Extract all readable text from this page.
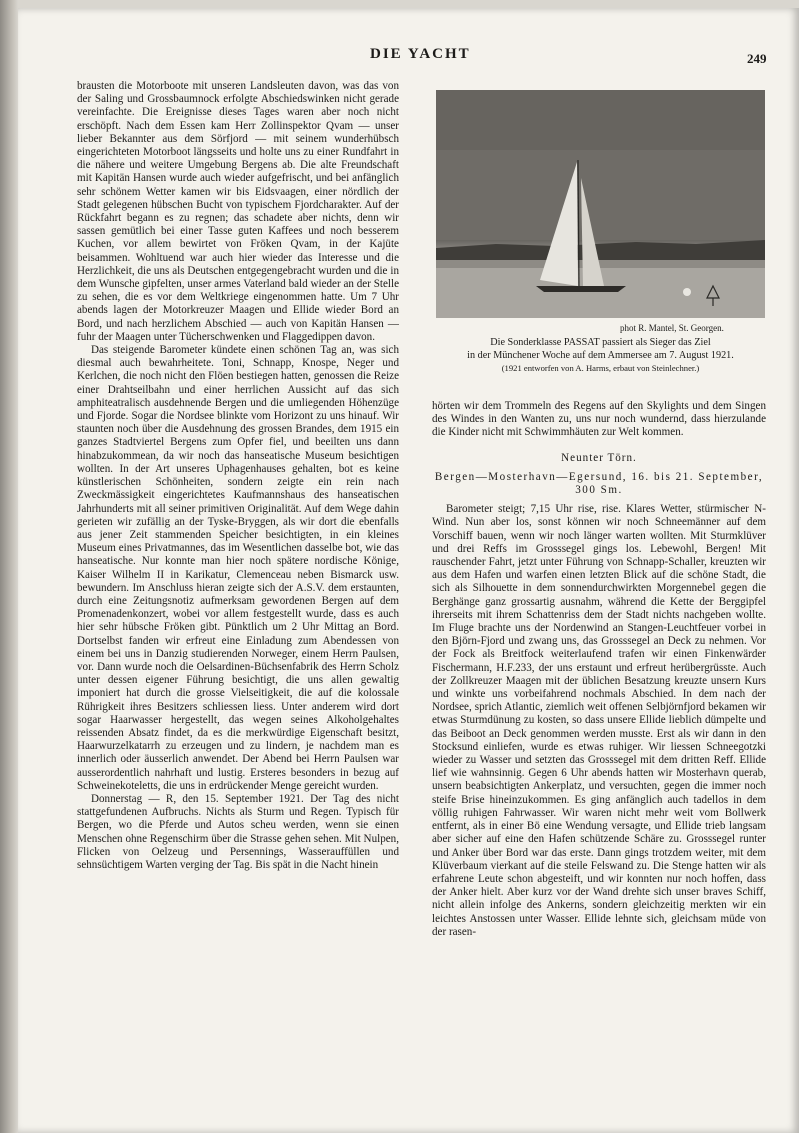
DIE YACHT	249

brausten die Motorboote mit unseren Landsleuten davon, was das von der Saling und Grossbaumnock erfolgte Abschiedswinken nicht gerade vereinfachte. Die Ereignisse dieses Tages waren aber noch nicht erschöpft. Nach dem Essen kam Herr Zollinspektor Qvam — unser lieber Bekannter aus dem Sörfjord — mit seinem wunderhübsch eingerichteten Motorboot längsseits und holte uns zu einer Rundfahrt in die nähere und weitere Umgebung Bergens ab. Die alte Freundschaft mit Kapitän Hansen wurde auch wieder aufgefrischt, und bei anfänglich sehr schönem Wetter kamen wir bis Eidsvaagen, einer nördlich der Stadt gelegenen hübschen Bucht von typischem Fjordcharakter. Auf der Rückfahrt begann es zu regnen; das schadete aber nichts, denn wir sassen gemütlich bei einer Tasse guten Kaffees und noch besserem Kuchen, vor allem bewirtet von Fröken Qvam, in der Kajüte beisammen. Wohltuend war auch hier wieder das Interesse und die Herzlichkeit, die uns als Deutschen entgegengebracht wurden und die in dem Wunsche gipfelten, unser armes Vaterland bald wieder an der Stelle zu sehen, die es vor dem Weltkriege eingenommen hatte. Um 7 Uhr abends lagen der Motorkreuzer Maagen und Ellide wieder Bord an Bord, und nach herzlichem Abschied — auch von Kapitän Hansen — fuhr der Maagen unter Tücherschwenken und Flaggedippen davon.

Das steigende Barometer kündete einen schönen Tag an, was sich diesmal auch bewahrheitete. Toni, Schnapp, Knospe, Neger und Kerlchen, die noch nicht den Flöen bestiegen hatten, genossen die Reize einer Drahtseilbahn und einer herrlichen Aussicht auf das sich amphiteatralisch ausdehnende Bergen und die umliegenden Höhenzüge und Fjorde. Sogar die Nordsee blinkte vom Horizont zu uns hinauf. Wir staunten noch über die Ausdehnung des grossen Brandes, dem 1915 ein ganzes Stadtviertel Bergens zum Opfer fiel, und beeilten uns dann hinabzukommean, da wir noch das hanseatische Museum besichtigen wollten. In der Art unseres Uphagenhauses gehalten, bot es keine künstlerischen Schönheiten, sondern zeigte ein rein nach Zweckmässigkeit eingerichtetes Kaufmannshaus des hanseatischen Jahrhunderts mit all seiner primitiven Originalität. Auf dem Wege dahin gerieten wir zufällig an der Tyske-Bryggen, als wir dort die ebenfalls aus jener Zeit stammenden Speicher besichtigten, in ein kleines Museum eines Privatmannes, das im Wesentlichen dasselbe bot, wie das hanseatische. Nur konnte man hier noch spätere nordische Könige, Kaiser Wilhelm II in Karikatur, Clemenceau neben Bismarck usw. bewundern. Im Anschluss hieran zeigte sich der A.S.V. dem erstaunten, durch eine Zeitungsnotiz aufmerksam gewordenen Bergen auf dem Promenadenkonzert, wobei vor allem festgestellt wurde, dass es auch hier sehr hübsche Fröken gibt. Pünktlich um 2 Uhr Mittag an Bord. Dortselbst fanden wir erfreut eine Einladung zum Abendessen von einem bei uns in Danzig studierenden Norweger, einem Herrn Paulsen, vor. Dann wurde noch die Oelsardinen-Büchsenfabrik des Herrn Scholz unter dessen eigener Führung besichtigt, die uns allen gewaltig imponiert hat durch die grosse Vielseitigkeit, die auf die kolossale Rührigkeit ihres Besitzers schliessen liess. Unter anderem wird dort sogar Haarwasser hergestellt, das wegen seines Alkoholgehaltes reissenden Absatz findet, da es die merkwürdige Eigenschaft besitzt, Haarwurzelkatarrh zu erzeugen und zu lindern, je nachdem man es innerlich oder äusserlich anwendet. Der Abend bei Herrn Paulsen war ausserordentlich nahrhaft und lustig. Ersteres besonders in bezug auf Schweinekoteletts, die uns in erdrückender Menge gereicht wurden.

Donnerstag — R, den 15. September 1921. Der Tag des nicht stattgefundenen Aufbruchs. Nichts als Sturm und Regen. Typisch für Bergen, wo die Pferde und Autos scheu werden, wenn sie einen Menschen ohne Regenschirm über die Strasse gehen sehen. Mit Nulpen, Flicken von Oelzeug und Persennings, Wasserauffüllen und sehnsüchtigem Warten verging der Tag. Bis spät in die Nacht hinein

phot R. Mantel, St. Georgen.
Die Sonderklasse PASSAT passiert als Sieger das Ziel
in der Münchener Woche auf dem Ammersee am 7. August 1921.
(1921 entworfen von A. Harms, erbaut von Steinlechner.)

hörten wir dem Trommeln des Regens auf den Skylights und dem Singen des Windes in den Wanten zu, uns nur noch wundernd, dass hierzulande die Kinder nicht mit Schwimmhäuten zur Welt kommen.

Neunter Törn.

Bergen—Mosterhavn—Egersund, 16. bis 21. September, 300 Sm.

Barometer steigt; 7,15 Uhr rise, rise. Klares Wetter, stürmischer N-Wind. Nun aber los, sonst können wir noch Schneemänner auf dem Vorschiff bauen, wenn wir noch länger warten wollten. Mit Sturmklüver und drei Reffs im Grosssegel gings los. Lebewohl, Bergen! Mit rauschender Fahrt, jetzt unter Führung von Schnapp-Schaller, kreuzten wir aus dem Hafen und warfen einen letzten Blick auf die schöne Stadt, die sich als Silhouette in dem sonnendurchwirkten Morgennebel gegen die Berghänge ganz grossartig ausnahm, während die Kette der Berggipfel ihrerseits mit ihrem Schattenriss dem der Stadt nichts nachgeben wollte. Im Fluge brachte uns der Nordenwind an Stangen-Leuchtfeuer vorbei in den Björn-Fjord und zwang uns, das Grosssegel an Deck zu nehmen. Vor der Fock als Breitfock weiterlaufend trafen wir einen Finkenwärder Fischermann, H.F.233, der uns erstaunt und erfreut herübergrüsste. Auch der Zollkreuzer Maagen mit der üblichen Besatzung kreuzte unsern Kurs und winkte uns vorbeifahrend nochmals Abschied. In dem nach der Nordsee, sprich Atlantic, ziemlich weit offenen Selbjörnfjord bekamen wir etwas Sturmdünung zu kosten, so dass unsere Ellide lieblich dümpelte und das Beiboot an Deck genommen werden musste. Erst als wir dann in den Stocksund einliefen, wurde es etwas ruhiger. Wir liessen Schneegotzki wieder zu Wasser und setzten das Grosssegel mit dem dritten Reff. Ellide lief wie wahnsinnig. Gegen 6 Uhr abends hatten wir Mosterhavn querab, unsern beabsichtigten Ankerplatz, und versuchten, gegen die immer noch steife Brise hineinzukommen. Es ging anfänglich auch tadellos in dem völlig ruhigen Fahrwasser. Wir waren nicht mehr weit vom Bollwerk entfernt, als in einer Bö eine Wendung versagte, und Ellide trieb langsam aber sicher auf eine den Hafen schützende Schäre zu. Grosssegel runter und Anker über Bord war das erste. Dann gings trotzdem weiter, mit dem Klüverbaum vierkant auf die steile Felswand zu. Die Stenge hatten wir als erfahrene Leute schon abgesteift, und wir konnten nur noch hoffen, dass der Anker hielt. Aber kurz vor der Wand drehte sich unser braves Schiff, nicht allein infolge des Ankerns, sondern gleichzeitig merkten wir ein leichtes Anstossen unter Wasser. Ellide lehnte sich, gleichsam müde von der rasen-
